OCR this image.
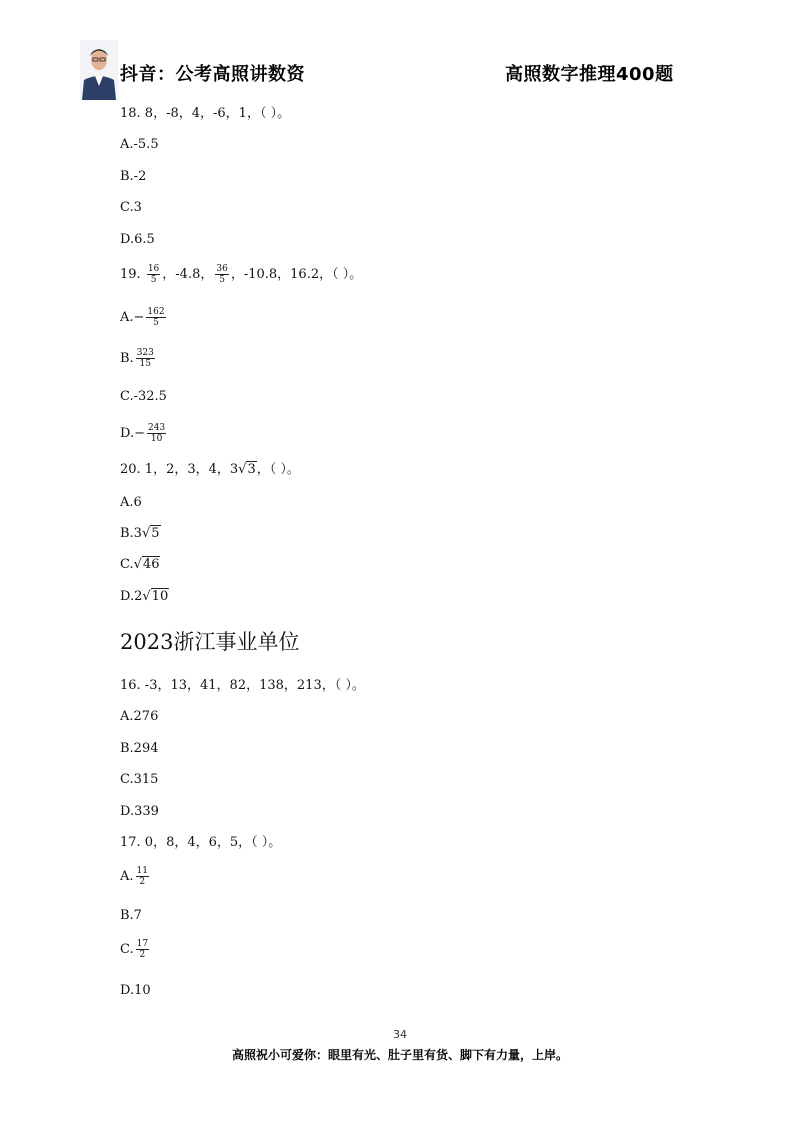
抖音：公考高照讲数资	高照数字推理400题
18. 8，-8，4，-6，1，（ ）。
A.-5.5
B.-2
C.3
D.6.5
19. $\frac{16}{5}$ ，-4.8， $\frac{36}{5}$ ，-10.8，16.2，（ ）。
$A.- \frac{162}{5}$
B. $\frac{323}{15}$
C.-32.5
$D.- \frac{243}{10}$
20. 1，2，3，4，3√3，（ ）。
A.6
B.3√5
C.√46
D.2√10
2023浙江事业单位
16. -3，13，41，82，138，213，（ ）。
A.276
B.294
C.315
D.339
17. 0，8，4，6，5，（ ）。
A. $\frac{11}{2}$
B.7
C. $\frac{17}{2}$
D.10
34
高照祝小可爱你：眼里有光、肚子里有货、脚下有力量，上岸。
